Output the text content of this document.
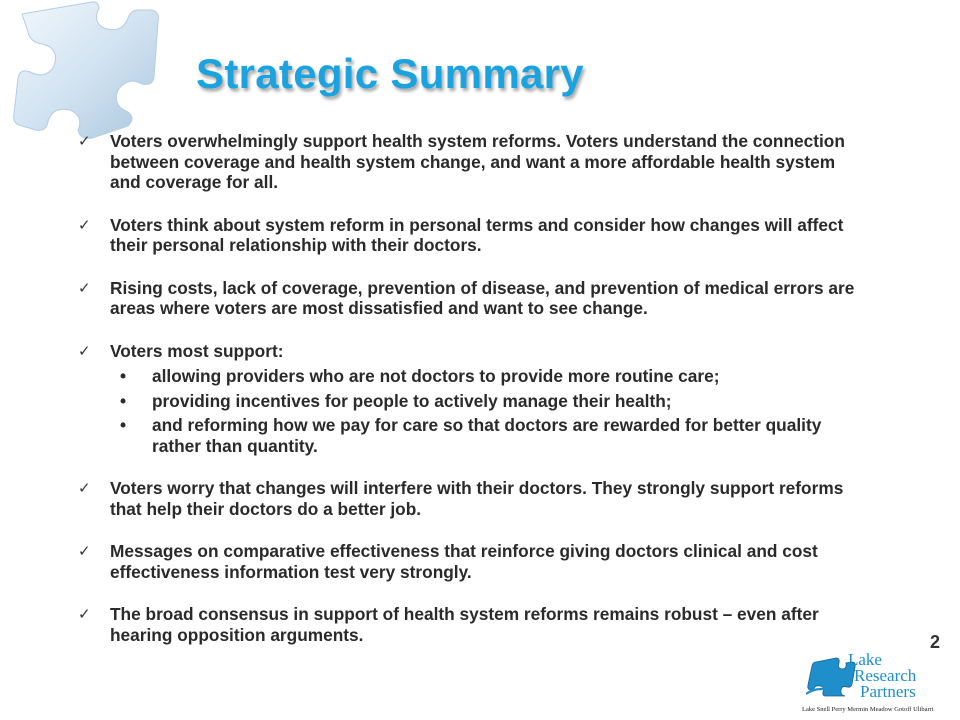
Strategic Summary
✓ Voters overwhelmingly support health system reforms. Voters understand the connection between coverage and health system change, and want a more affordable health system and coverage for all.
✓ Voters think about system reform in personal terms and consider how changes will affect their personal relationship with their doctors.
✓ Rising costs, lack of coverage, prevention of disease, and prevention of medical errors are areas where voters are most dissatisfied and want to see change.
✓ Voters most support:
• allowing providers who are not doctors to provide more routine care;
• providing incentives for people to actively manage their health;
• and reforming how we pay for care so that doctors are rewarded for better quality rather than quantity.
✓ Voters worry that changes will interfere with their doctors. They strongly support reforms that help their doctors do a better job.
✓ Messages on comparative effectiveness that reinforce giving doctors clinical and cost effectiveness information test very strongly.
✓ The broad consensus in support of health system reforms remains robust – even after hearing opposition arguments.	2
Lake
Research
Partners
Lake Snell Perry Mermin Meadow Gotoff Ulibarri
